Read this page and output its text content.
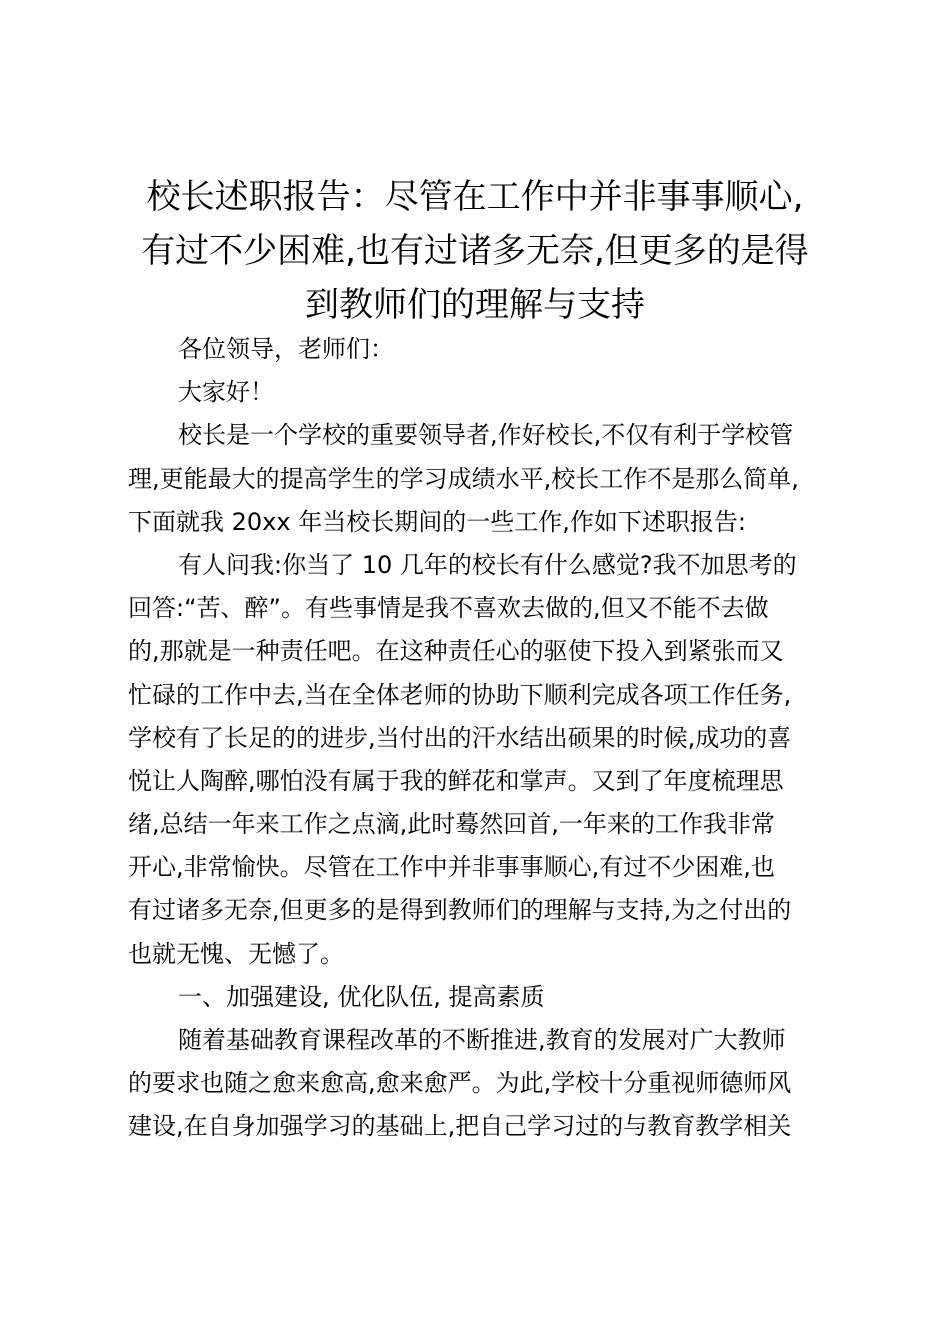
校长述职报告：尽管在工作中并非事事顺心,
有过不少困难,也有过诸多无奈,但更多的是得
到教师们的理解与支持
各位领导，老师们：
大家好！
校长是一个学校的重要领导者,作好校长,不仅有利于学校管
理,更能最大的提高学生的学习成绩水平,校长工作不是那么简单,
下面就我 20xx 年当校长期间的一些工作,作如下述职报告:
有人问我:你当了 10 几年的校长有什么感觉?我不加思考的
回答:“苦、醉”。有些事情是我不喜欢去做的,但又不能不去做
的,那就是一种责任吧。在这种责任心的驱使下投入到紧张而又
忙碌的工作中去,当在全体老师的协助下顺利完成各项工作任务,
学校有了长足的的进步,当付出的汗水结出硕果的时候,成功的喜
悦让人陶醉,哪怕没有属于我的鲜花和掌声。又到了年度梳理思
绪,总结一年来工作之点滴,此时蓦然回首,一年来的工作我非常
开心,非常愉快。尽管在工作中并非事事顺心,有过不少困难,也
有过诸多无奈,但更多的是得到教师们的理解与支持,为之付出的
也就无愧、无憾了。
一、加强建设, 优化队伍, 提高素质
随着基础教育课程改革的不断推进,教育的发展对广大教师
的要求也随之愈来愈高,愈来愈严。为此,学校十分重视师德师风
建设,在自身加强学习的基础上,把自己学习过的与教育教学相关
